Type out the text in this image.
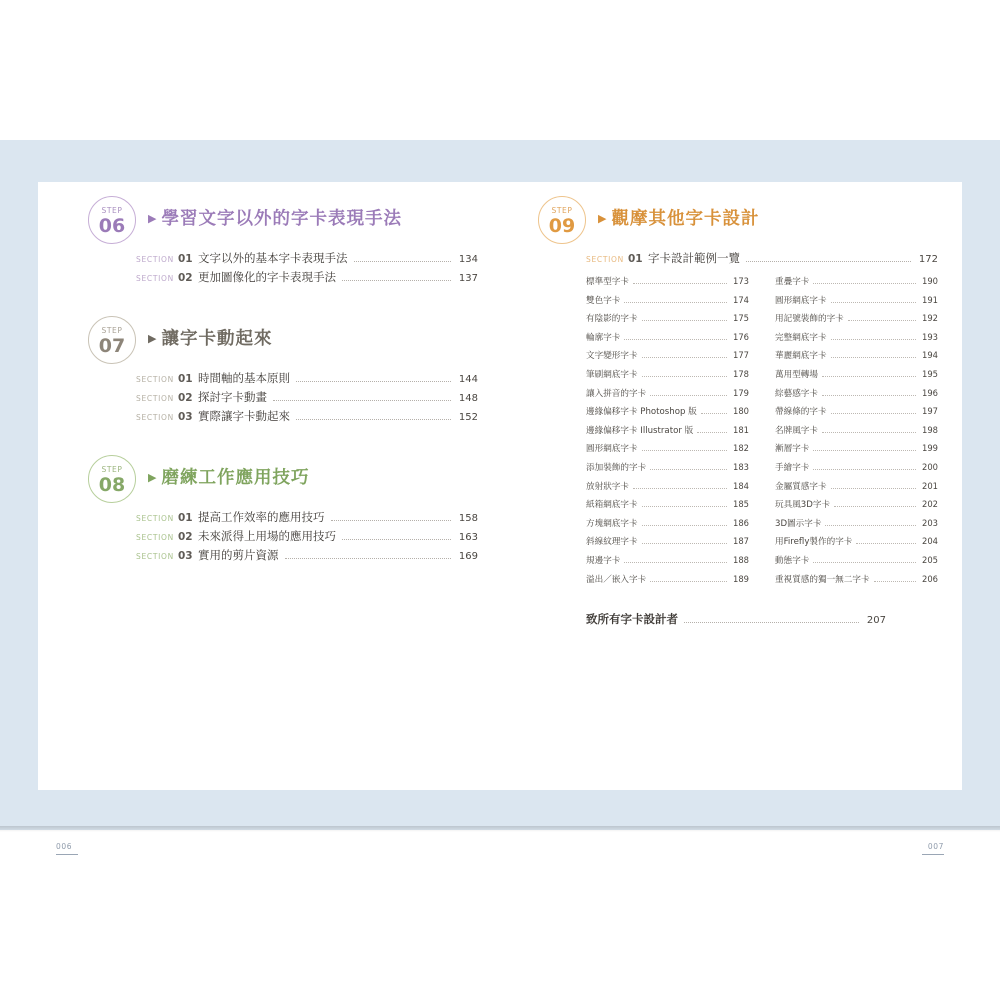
STEP
06	▶ 學習文字以外的字卡表現手法
SECTION 01 文字以外的基本字卡表現手法	134
SECTION 02 更加圖像化的字卡表現手法	137
STEP
07	▶ 讓字卡動起來
SECTION 01 時間軸的基本原則	144
SECTION 02 探討字卡動畫	148
SECTION 03 實際讓字卡動起來	152
STEP
08	▶ 磨練工作應用技巧
SECTION 01 提高工作效率的應用技巧	158
SECTION 02 未來派得上用場的應用技巧	163
SECTION 03 實用的剪片資源	169
STEP
09	▶ 觀摩其他字卡設計
SECTION 01 字卡設計範例一覽	172
標準型字卡	173
雙色字卡	174
有陰影的字卡	175
輪廓字卡	176
文字變形字卡	177
筆刷網底字卡	178
讓入拼音的字卡	179
邊緣偏移字卡 Photoshop 版	180
邊緣偏移字卡 Illustrator 版	181
圓形網底字卡	182
添加裝飾的字卡	183
放射狀字卡	184
紙箱網底字卡	185
方塊網底字卡	186
斜線紋理字卡	187
規邊字卡	188
溢出／嵌入字卡	189
重疊字卡	190
圓形網底字卡	191
用記號裝飾的字卡	192
完整網底字卡	193
華麗網底字卡	194
萬用型轉場	195
綜藝感字卡	196
帶線條的字卡	197
名牌風字卡	198
漸層字卡	199
手繪字卡	200
金屬質感字卡	201
玩具風3D字卡	202
3D圖示字卡	203
用Firefly製作的字卡	204
動態字卡	205
重視質感的獨一無二字卡	206
致所有字卡設計者	207
006	007
